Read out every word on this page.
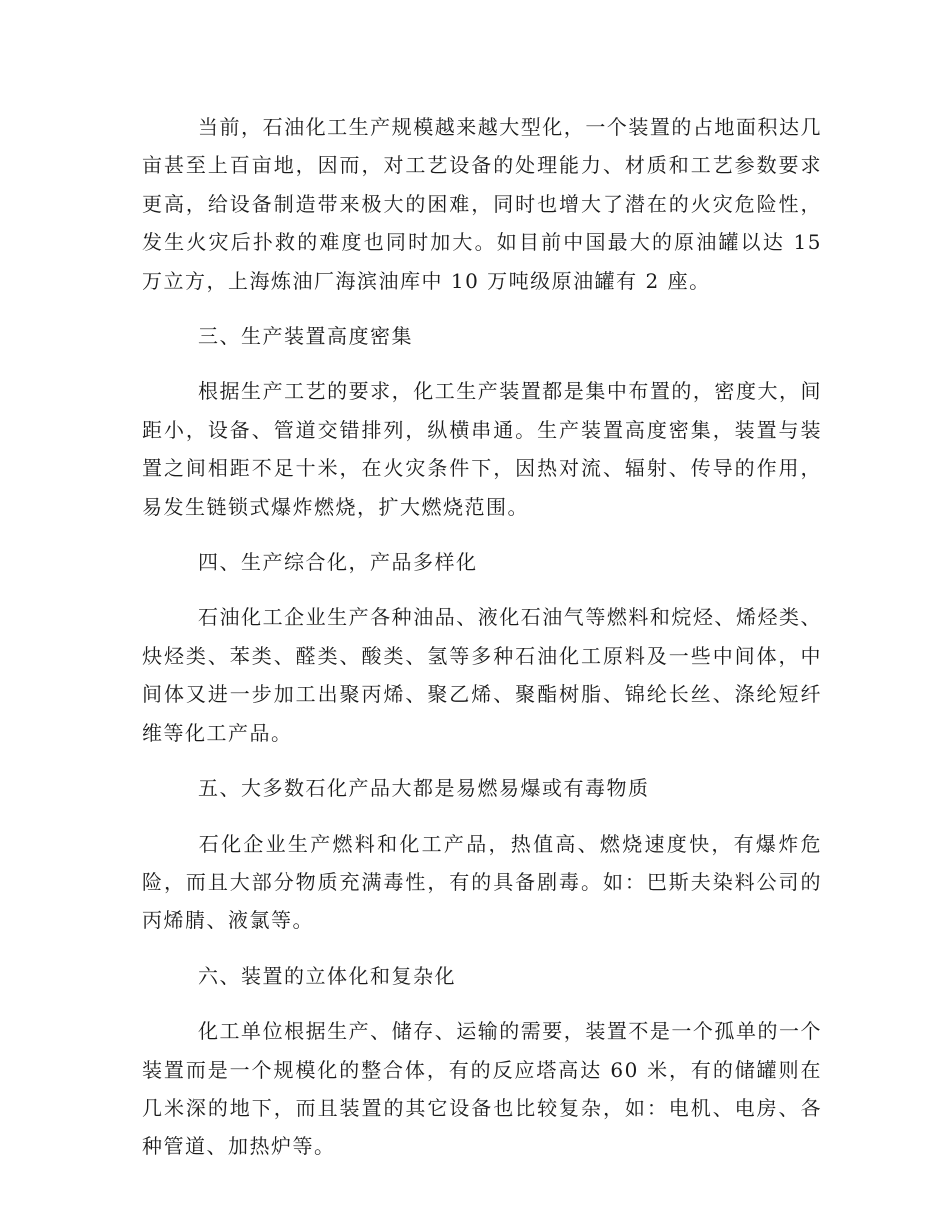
当前，石油化工生产规模越来越大型化，一个装置的占地面积达几亩甚至上百亩地，因而，对工艺设备的处理能力、材质和工艺参数要求更高，给设备制造带来极大的困难，同时也增大了潜在的火灾危险性，发生火灾后扑救的难度也同时加大。如目前中国最大的原油罐以达 15 万立方，上海炼油厂海滨油库中 10 万吨级原油罐有 2 座。

三、生产装置高度密集

根据生产工艺的要求，化工生产装置都是集中布置的，密度大，间距小，设备、管道交错排列，纵横串通。生产装置高度密集，装置与装置之间相距不足十米，在火灾条件下，因热对流、辐射、传导的作用，易发生链锁式爆炸燃烧，扩大燃烧范围。

四、生产综合化，产品多样化

石油化工企业生产各种油品、液化石油气等燃料和烷烃、烯烃类、炔烃类、苯类、醛类、酸类、氢等多种石油化工原料及一些中间体，中间体又进一步加工出聚丙烯、聚乙烯、聚酯树脂、锦纶长丝、涤纶短纤维等化工产品。

五、大多数石化产品大都是易燃易爆或有毒物质

石化企业生产燃料和化工产品，热值高、燃烧速度快，有爆炸危险，而且大部分物质充满毒性，有的具备剧毒。如：巴斯夫染料公司的丙烯腈、液氯等。

六、装置的立体化和复杂化

化工单位根据生产、储存、运输的需要，装置不是一个孤单的一个装置而是一个规模化的整合体，有的反应塔高达 60 米，有的储罐则在几米深的地下，而且装置的其它设备也比较复杂，如：电机、电房、各种管道、加热炉等。
